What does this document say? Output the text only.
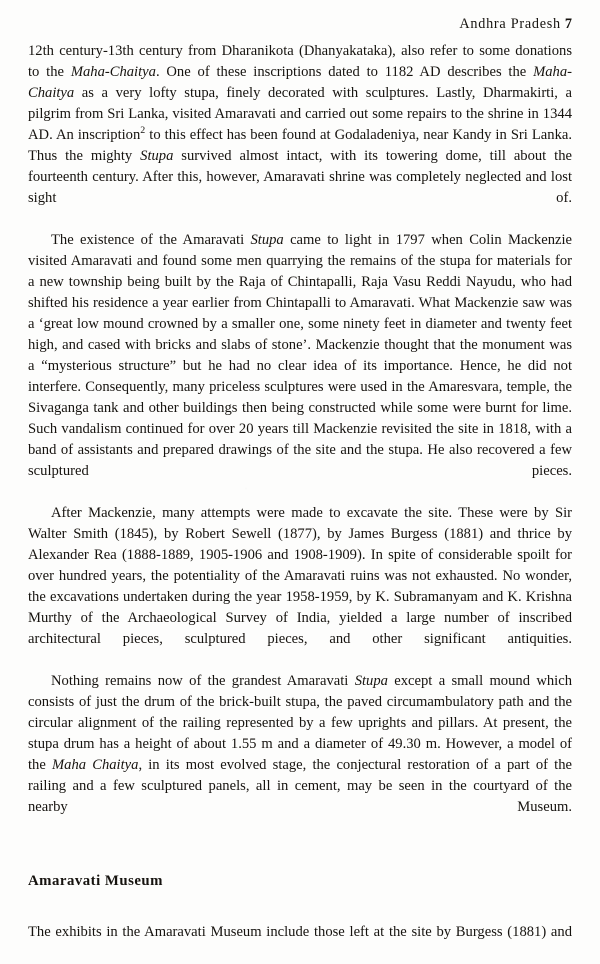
Andhra Pradesh 7

12th century-13th century from Dharanikota (Dhanyakataka), also refer to some donations to the Maha-Chaitya. One of these inscriptions dated to 1182 AD describes the Maha-Chaitya as a very lofty stupa, finely decorated with sculptures. Lastly, Dharmakirti, a pilgrim from Sri Lanka, visited Amaravati and carried out some repairs to the shrine in 1344 AD. An inscription$^2$ to this effect has been found at Godaladeniya, near Kandy in Sri Lanka. Thus the mighty Stupa survived almost intact, with its towering dome, till about the fourteenth century. After this, however, Amaravati shrine was completely neglected and lost sight of.

The existence of the Amaravati Stupa came to light in 1797 when Colin Mackenzie visited Amaravati and found some men quarrying the remains of the stupa for materials for a new township being built by the Raja of Chintapalli, Raja Vasu Reddi Nayudu, who had shifted his residence a year earlier from Chintapalli to Amaravati. What Mackenzie saw was a ‘great low mound crowned by a smaller one, some ninety feet in diameter and twenty feet high, and cased with bricks and slabs of stone’. Mackenzie thought that the monument was a “mysterious structure” but he had no clear idea of its importance. Hence, he did not interfere. Consequently, many priceless sculptures were used in the Amaresvara, temple, the Sivaganga tank and other buildings then being constructed while some were burnt for lime. Such vandalism continued for over 20 years till Mackenzie revisited the site in 1818, with a band of assistants and prepared drawings of the site and the stupa. He also recovered a few sculptured pieces.

After Mackenzie, many attempts were made to excavate the site. These were by Sir Walter Smith (1845), by Robert Sewell (1877), by James Burgess (1881) and thrice by Alexander Rea (1888-1889, 1905-1906 and 1908-1909). In spite of considerable spoilt for over hundred years, the potentiality of the Amaravati ruins was not exhausted. No wonder, the excavations undertaken during the year 1958-1959, by K. Subramanyam and K. Krishna Murthy of the Archaeological Survey of India, yielded a large number of inscribed architectural pieces, sculptured pieces, and other significant antiquities.

Nothing remains now of the grandest Amaravati Stupa except a small mound which consists of just the drum of the brick-built stupa, the paved circumambulatory path and the circular alignment of the railing represented by a few uprights and pillars. At present, the stupa drum has a height of about 1.55 m and a diameter of 49.30 m. However, a model of the Maha Chaitya, in its most evolved stage, the conjectural restoration of a part of the railing and a few sculptured panels, all in cement, may be seen in the courtyard of the nearby Museum.

Amaravati Museum

The exhibits in the Amaravati Museum include those left at the site by Burgess (1881) and
